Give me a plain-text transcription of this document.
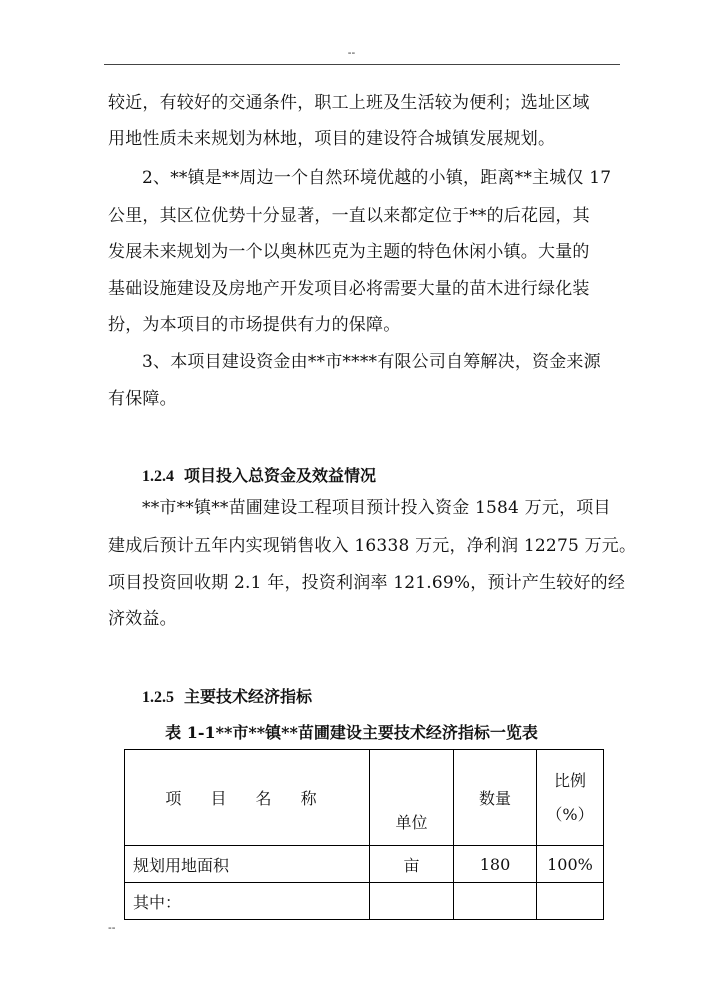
--
较近，有较好的交通条件，职工上班及生活较为便利；选址区域
用地性质未来规划为林地，项目的建设符合城镇发展规划。
2、**镇是**周边一个自然环境优越的小镇，距离**主城仅 17
公里，其区位优势十分显著，一直以来都定位于**的后花园，其
发展未来规划为一个以奥林匹克为主题的特色休闲小镇。大量的
基础设施建设及房地产开发项目必将需要大量的苗木进行绿化装
扮，为本项目的市场提供有力的保障。
3、本项目建设资金由**市****有限公司自筹解决，资金来源
有保障。
1.2.4 项目投入总资金及效益情况
**市**镇**苗圃建设工程项目预计投入资金 1584 万元，项目
建成后预计五年内实现销售收入 16338 万元，净利润 12275 万元。
项目投资回收期 2.1 年，投资利润率 121.69%，预计产生较好的经
济效益。
1.2.5 主要技术经济指标
表 1-1**市**镇**苗圃建设主要技术经济指标一览表
项 目 名 称	单位	数量	比例
（%）

规划用地面积	亩	180	100%
其中：			
--
